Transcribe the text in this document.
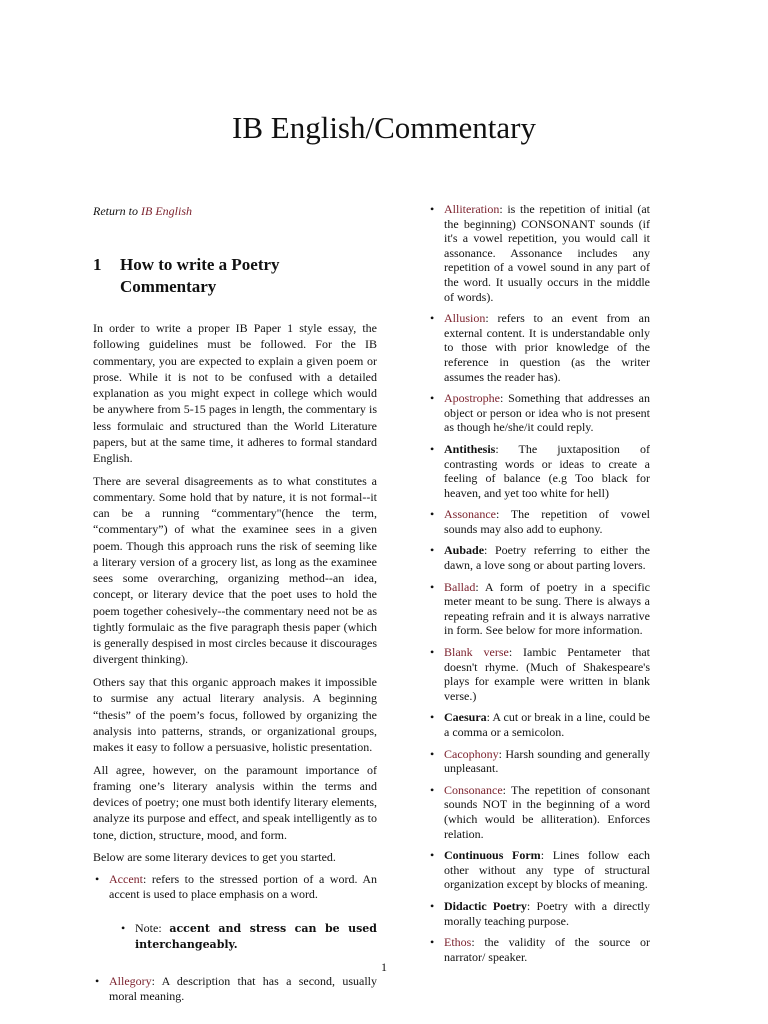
IB English/Commentary
Return to IB English
1	How to write a Poetry Commentary

In order to write a proper IB Paper 1 style essay, the following guidelines must be followed. For the IB commentary, you are expected to explain a given poem or prose. While it is not to be confused with a detailed explanation as you might expect in college which would be anywhere from 5-15 pages in length, the commentary is less formulaic and structured than the World Literature papers, but at the same time, it adheres to formal standard English.

There are several disagreements as to what constitutes a commentary. Some hold that by nature, it is not formal--it can be a running “commentary"(hence the term, “commentary”) of what the examinee sees in a given poem. Though this approach runs the risk of seeming like a literary version of a grocery list, as long as the examinee sees some overarching, organizing method--an idea, concept, or literary device that the poet uses to hold the poem together cohesively--the commentary need not be as tightly formulaic as the five paragraph thesis paper (which is generally despised in most circles because it discourages divergent thinking).

Others say that this organic approach makes it impossible to surmise any actual literary analysis. A beginning “thesis” of the poem’s focus, followed by organizing the analysis into patterns, strands, or organizational groups, makes it easy to follow a persuasive, holistic presentation.

All agree, however, on the paramount importance of framing one’s literary analysis within the terms and devices of poetry; one must both identify literary elements, analyze its purpose and effect, and speak intelligently as to tone, diction, structure, mood, and form.

Below are some literary devices to get you started.

• Accent: refers to the stressed portion of a word. An accent is used to place emphasis on a word.
• Note: accent and stress can be used interchangeably.
• Allegory: A description that has a second, usually moral meaning.
• Alliteration: is the repetition of initial (at the beginning) CONSONANT sounds (if it's a vowel repetition, you would call it assonance. Assonance includes any repetition of a vowel sound in any part of the word. It usually occurs in the middle of words).
• Allusion: refers to an event from an external content. It is understandable only to those with prior knowledge of the reference in question (as the writer assumes the reader has).
• Apostrophe: Something that addresses an object or person or idea who is not present as though he/she/it could reply.
• Antithesis: The juxtaposition of contrasting words or ideas to create a feeling of balance (e.g Too black for heaven, and yet too white for hell)
• Assonance: The repetition of vowel sounds may also add to euphony.
• Aubade: Poetry referring to either the dawn, a love song or about parting lovers.
• Ballad: A form of poetry in a specific meter meant to be sung. There is always a repeating refrain and it is always narrative in form. See below for more information.
• Blank verse: Iambic Pentameter that doesn't rhyme. (Much of Shakespeare's plays for example were written in blank verse.)
• Caesura: A cut or break in a line, could be a comma or a semicolon.
• Cacophony: Harsh sounding and generally unpleasant.
• Consonance: The repetition of consonant sounds NOT in the beginning of a word (which would be alliteration). Enforces relation.
• Continuous Form: Lines follow each other without any type of structural organization except by blocks of meaning.
• Didactic Poetry: Poetry with a directly morally teaching purpose.
• Ethos: the validity of the source or narrator/ speaker.
1
